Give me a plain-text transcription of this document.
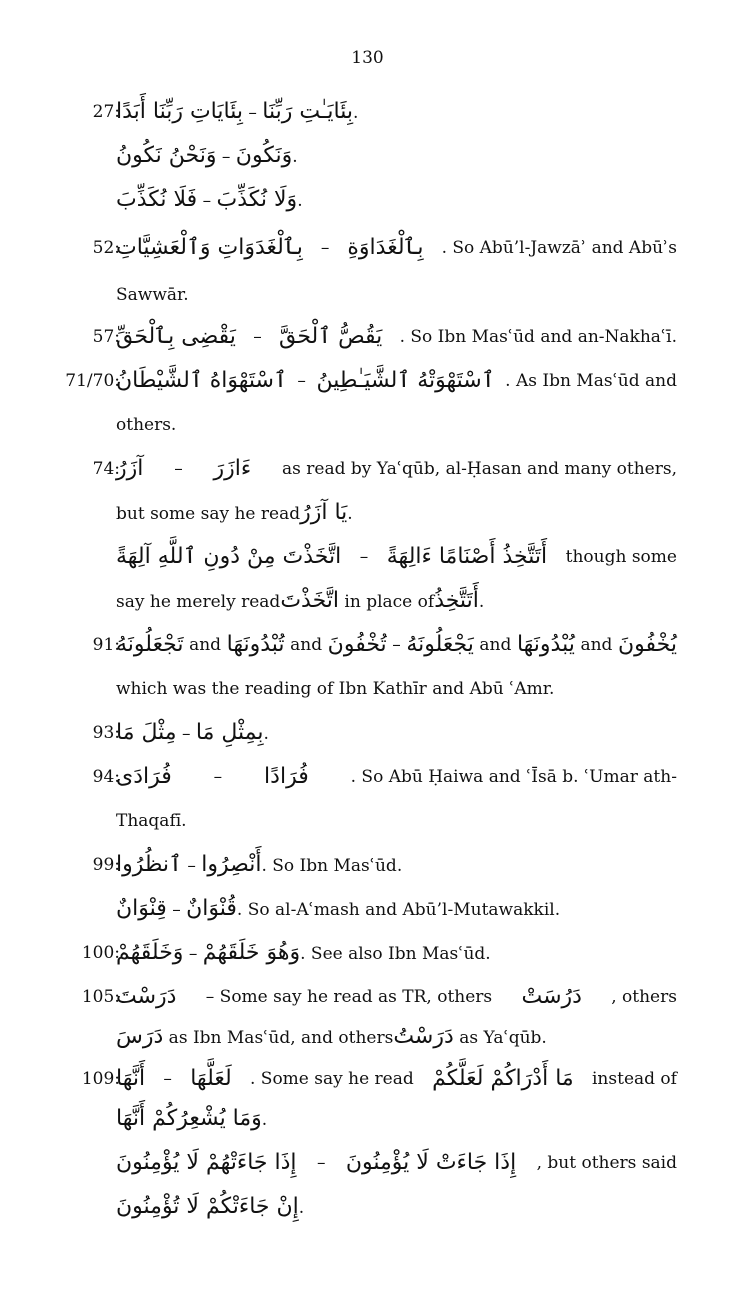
130
27:
بِئَايَاتِ رَبِّنَا أَبَدًا – بِئَايَـٰتِ رَبِّنَا.
وَنَحْنُ نَكُونُ – وَنَكُونَ.
فَلَا نُكَذِّبَ – وَلَا نُكَذِّبَ.
52:
بِٱلْغَدَوَاتِ وَٱلْعَشِيَّاتِ – بِٱلْغَدَاوَةِ . So Abū’l-Jawzāʾ and Abūʾs
Sawwār.
57:
يَقْضِى بِٱلْحَقِّ – يَقُصُّ ٱلْحَقَّ . So Ibn Masʿūd and an-Nakhaʿī.
71/70:
ٱسْتَهْوَاهُ ٱلشَّيْطَانُ – ٱسْتَهْوَتْهُ ٱلشَّيَـٰطِينُ . As Ibn Masʿūd and
others.
74:
آزَرُ – ءَازَرَ as read by Yaʿqūb, al-Ḥasan and many others,
but some say he readيَا آزَرُ.
اتَّخَذْتَ مِنْ دُونِ ٱللَّهِ آلِهَةً – أَتَتَّخِذُ أَصْنَامًا ءَالِهَةً though some
say he merely readاتَّخَذْتَ in place ofأَتَتَّخِذُ.
91:
تَجْعَلُونَهُ and تُبْدُونَهَا and تُخْفُونَ – يَجْعَلُونَهُ and يُبْدُونَهَا and يُخْفُونَ
which was the reading of Ibn Kathīr and Abū ʿAmr.
93:
مِثْلَ مَا – بِمِثْلِ مَا.
94:
فُرَادَى – فُرَادًا . So Abū Ḥaiwa and ʿĪsā b. ʿUmar ath-
Thaqafī.
99:
ٱنظُرُوا – أَنْصِرُوا. So Ibn Masʿūd.
قِنْوَانٌ – قُنْوَانٌ. So al-Aʿmash and Abū’l-Mutawakkil.
100:
وَخَلَقَهُمْ – وَهُوَ خَلَقَهُمْ. See also Ibn Masʿūd.
105:
دَرَسْتَ – Some say he read as TR, others دَرُسَتْ , others
دَرَسَ as Ibn Masʿūd, and othersدَرَسْتُ as Yaʿqūb.
109:
أَنَّهَا – لَعَلَّهَا . Some say he read مَا أَدْرَاكُمْ لَعَلَّكُمْ instead of
وَمَا يُشْعِرُكُمْ أَنَّهَا.
إِذَا جَاءَتْهُمْ لَا يُؤْمِنُونَ – إِذَا جَاءَتْ لَا يُؤْمِنُونَ , but others said
إِنْ جَاءَتْكُمْ لَا تُؤْمِنُونَ.
